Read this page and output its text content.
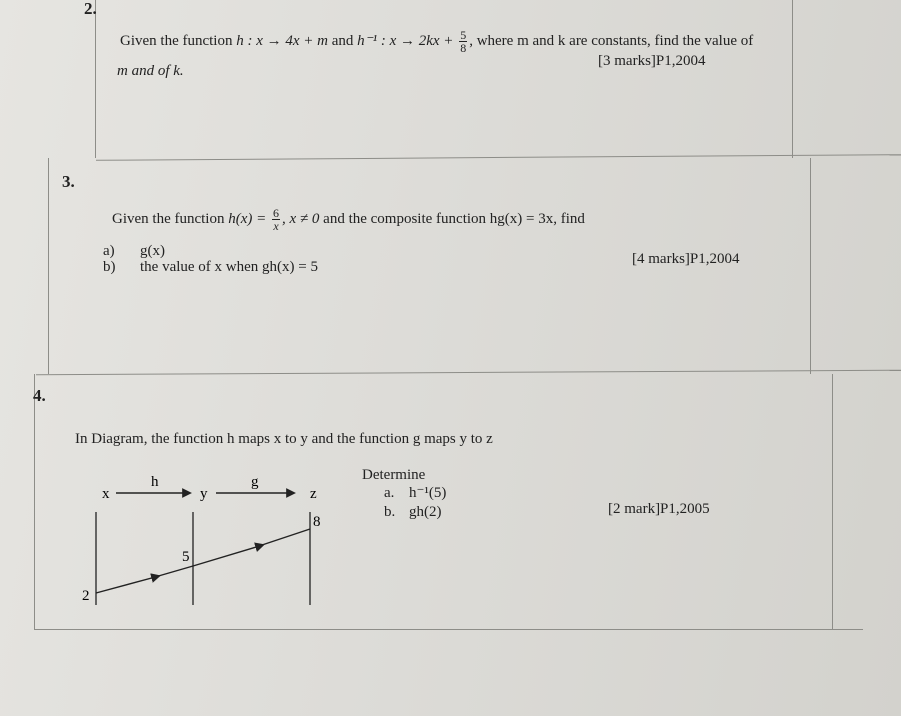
2.
Given the function h : x → 4x + m and h⁻¹ : $x \to 2kx + \frac{5}{8}$ , where m and k are constants, find the value of
m and of k.
[3 marks]P1,2004
3.
Given the function $h(x) = \frac{6}{x}$ , x ≠ 0 and the composite function hg(x) = 3x, find
a) g(x)
b) the value of x when gh(x) = 5	[4 marks]P1,2004
4.
In Diagram, the function h maps x to y and the function g maps y to z
Determine
a. h⁻¹(5)
b. gh(2)	[2 mark]P1,2005
x
h
y
g
z
2
5
8
